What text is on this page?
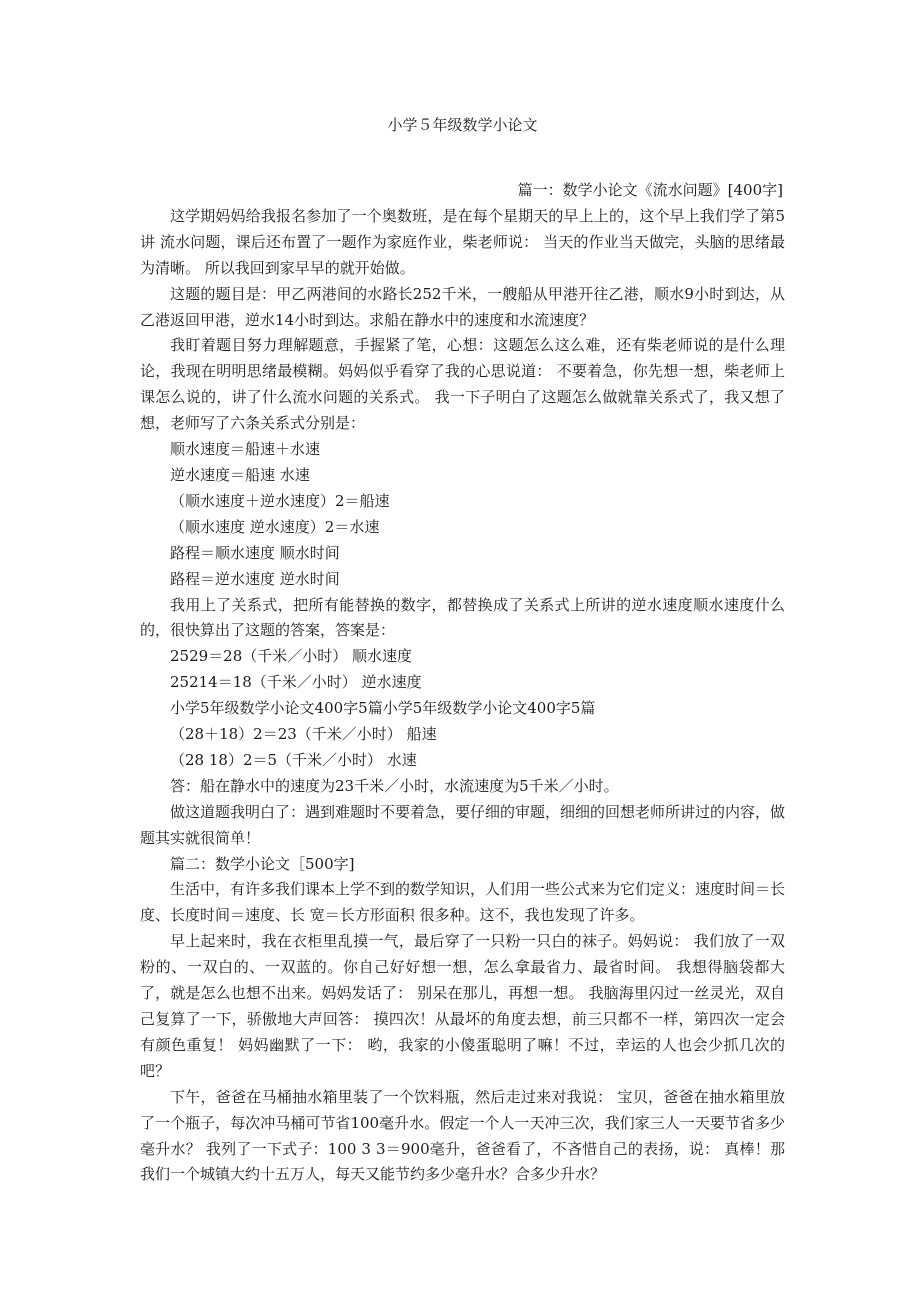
小学５年级数学小论文

篇一：数学小论文《流水问题》[400字]

这学期妈妈给我报名参加了一个奥数班，是在每个星期天的早上上的，这个早上我们学了第5讲 流水问题，课后还布置了一题作为家庭作业，柴老师说： 当天的作业当天做完，头脑的思绪最为清晰。 所以我回到家早早的就开始做。

这题的题目是：甲乙两港间的水路长252千米，一艘船从甲港开往乙港，顺水9小时到达，从乙港返回甲港，逆水14小时到达。求船在静水中的速度和水流速度？

我盯着题目努力理解题意，手握紧了笔，心想：这题怎么这么难，还有柴老师说的是什么理论，我现在明明思绪最模糊。妈妈似乎看穿了我的心思说道： 不要着急，你先想一想，柴老师上课怎么说的，讲了什么流水问题的关系式。 我一下子明白了这题怎么做就靠关系式了，我又想了想，老师写了六条关系式分别是：

顺水速度＝船速＋水速

逆水速度＝船速 水速

（顺水速度＋逆水速度）2＝船速

（顺水速度 逆水速度）2＝水速

路程＝顺水速度 顺水时间

路程＝逆水速度 逆水时间

我用上了关系式，把所有能替换的数字，都替换成了关系式上所讲的逆水速度顺水速度什么的，很快算出了这题的答案，答案是：

2529＝28（千米／小时） 顺水速度

25214＝18（千米／小时） 逆水速度

小学5年级数学小论文400字5篇小学5年级数学小论文400字5篇

（28＋18）2＝23（千米／小时） 船速

（28 18）2＝5（千米／小时） 水速

答：船在静水中的速度为23千米／小时，水流速度为5千米／小时。

做这道题我明白了：遇到难题时不要着急，要仔细的审题，细细的回想老师所讲过的内容，做题其实就很简单！

篇二：数学小论文［500字]

生活中，有许多我们课本上学不到的数学知识，人们用一些公式来为它们定义：速度时间＝长度、长度时间＝速度、长 宽＝长方形面积 很多种。这不，我也发现了许多。

早上起来时，我在衣柜里乱摸一气，最后穿了一只粉一只白的袜子。妈妈说： 我们放了一双粉的、一双白的、一双蓝的。你自己好好想一想，怎么拿最省力、最省时间。 我想得脑袋都大了，就是怎么也想不出来。妈妈发话了： 别呆在那儿，再想一想。 我脑海里闪过一丝灵光，双自己复算了一下，骄傲地大声回答： 摸四次！从最坏的角度去想，前三只都不一样，第四次一定会有颜色重复！ 妈妈幽默了一下： 哟，我家的小傻蛋聪明了嘛！不过，幸运的人也会少抓几次的吧？

下午，爸爸在马桶抽水箱里装了一个饮料瓶，然后走过来对我说： 宝贝，爸爸在抽水箱里放了一个瓶子，每次冲马桶可节省100毫升水。假定一个人一天冲三次，我们家三人一天要节省多少毫升水？ 我列了一下式子：100 3 3＝900毫升，爸爸看了，不吝惜自己的表扬，说： 真棒！那我们一个城镇大约十五万人，每天又能节约多少毫升水？合多少升水？
